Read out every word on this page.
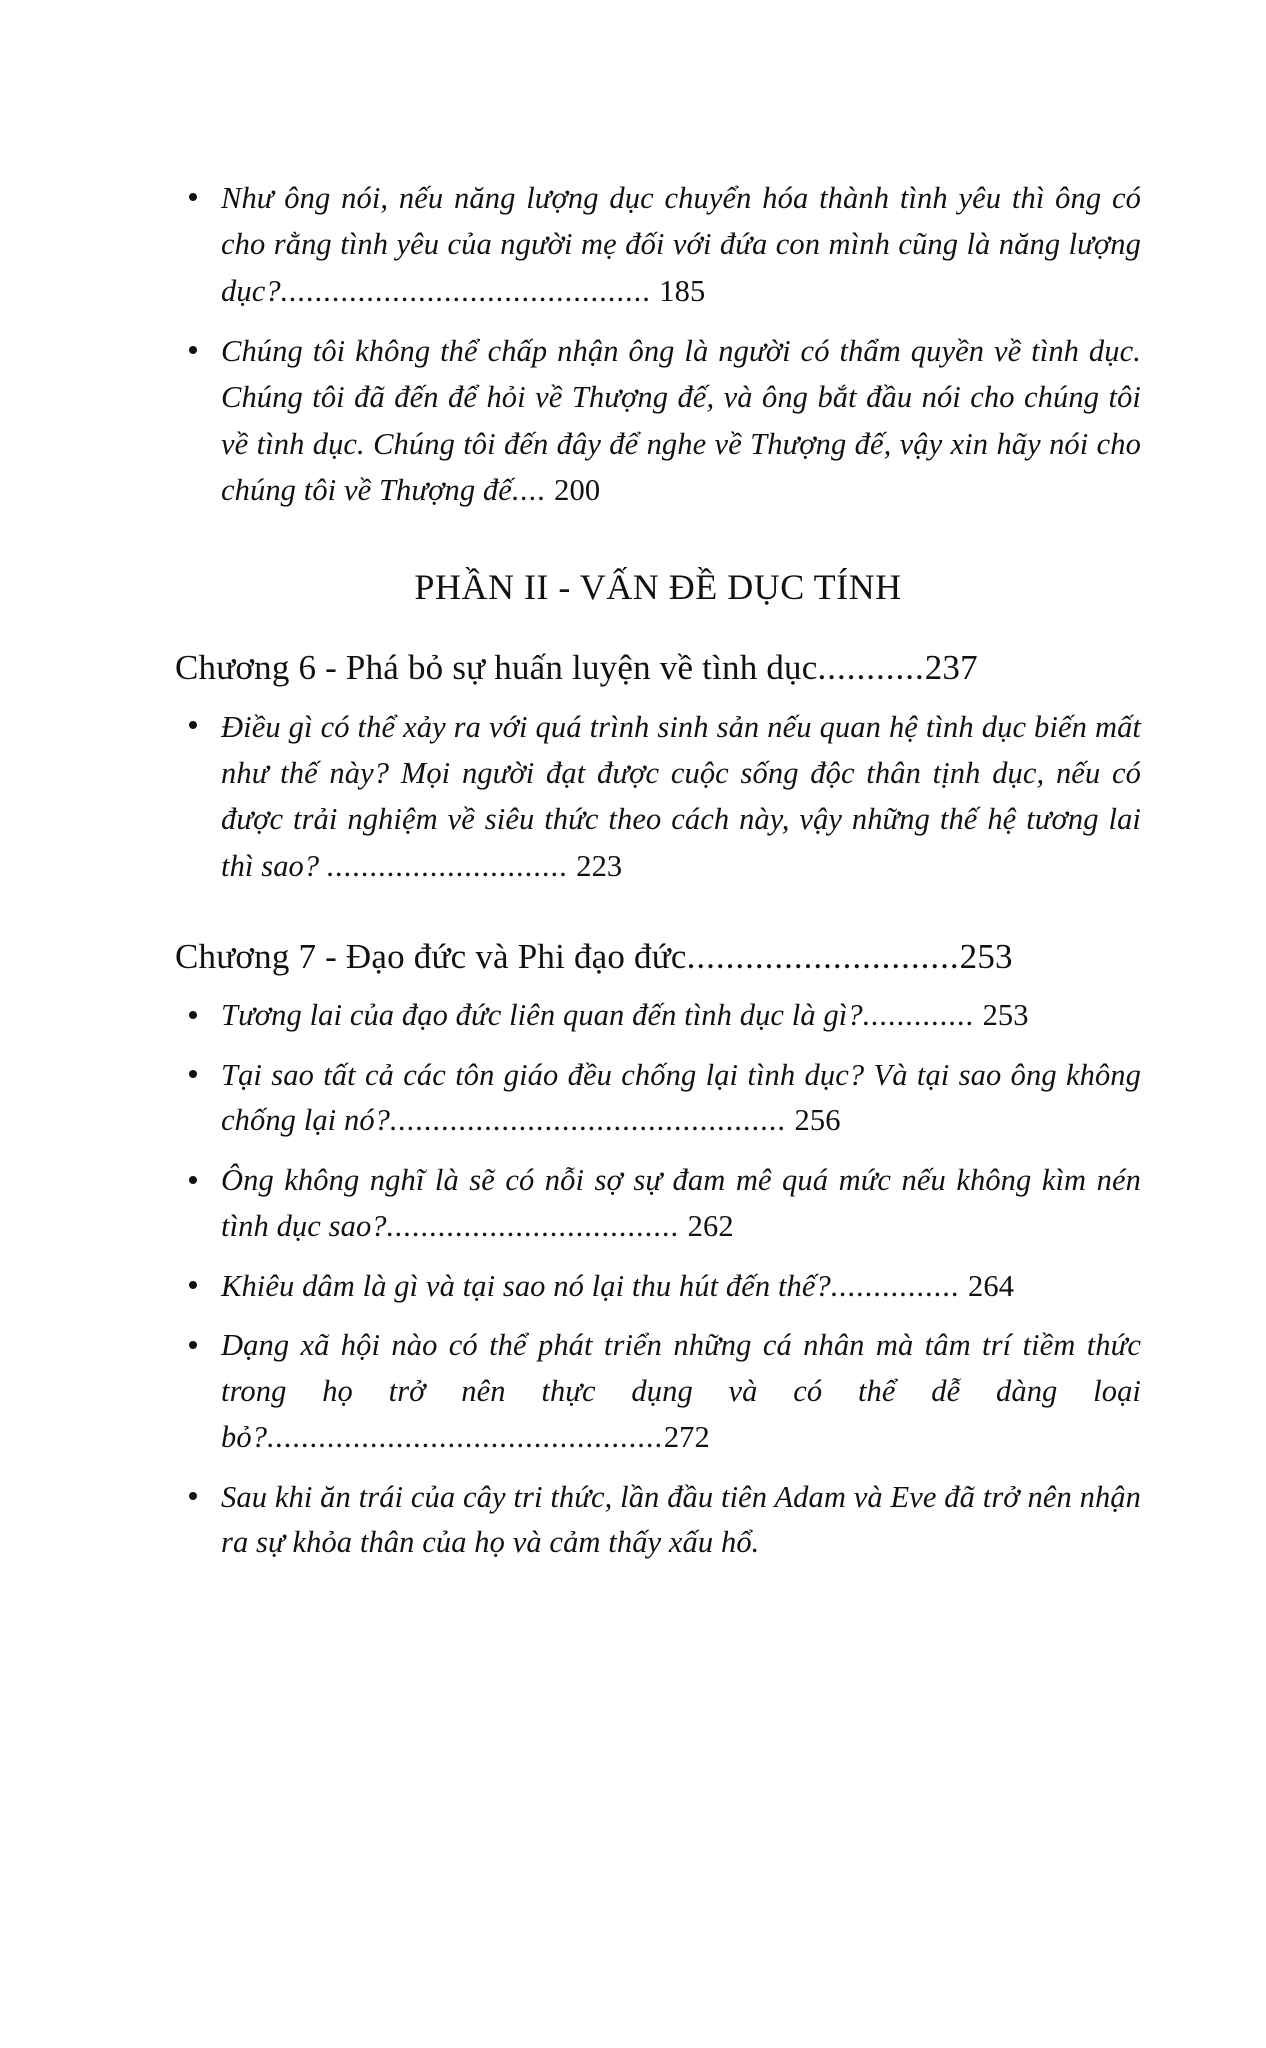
Như ông nói, nếu năng lượng dục chuyển hóa thành tình yêu thì ông có cho rằng tình yêu của người mẹ đối với đứa con mình cũng là năng lượng dục?........................................... 185
Chúng tôi không thể chấp nhận ông là người có thẩm quyền về tình dục. Chúng tôi đã đến để hỏi về Thượng đế, và ông bắt đầu nói cho chúng tôi về tình dục. Chúng tôi đến đây để nghe về Thượng đế, vậy xin hãy nói cho chúng tôi về Thượng đế.... 200
PHẦN II - VẤN ĐỀ DỤC TÍNH
Chương 6 - Phá bỏ sự huấn luyện về tình dục...........237
Điều gì có thể xảy ra với quá trình sinh sản nếu quan hệ tình dục biến mất như thế này? Mọi người đạt được cuộc sống độc thân tịnh dục, nếu có được trải nghiệm về siêu thức theo cách này, vậy những thế hệ tương lai thì sao? ............................ 223
Chương 7 - Đạo đức và Phi đạo đức............................253
Tương lai của đạo đức liên quan đến tình dục là gì?............. 253
Tại sao tất cả các tôn giáo đều chống lại tình dục? Và tại sao ông không chống lại nó?.............................................. 256
Ông không nghĩ là sẽ có nỗi sợ sự đam mê quá mức nếu không kìm nén tình dục sao?.................................. 262
Khiêu dâm là gì và tại sao nó lại thu hút đến thế?............... 264
Dạng xã hội nào có thể phát triển những cá nhân mà tâm trí tiềm thức trong họ trở nên thực dụng và có thể dễ dàng loại bỏ?..............................................272
Sau khi ăn trái của cây tri thức, lần đầu tiên Adam và Eve đã trở nên nhận ra sự khỏa thân của họ và cảm thấy xấu hổ.
